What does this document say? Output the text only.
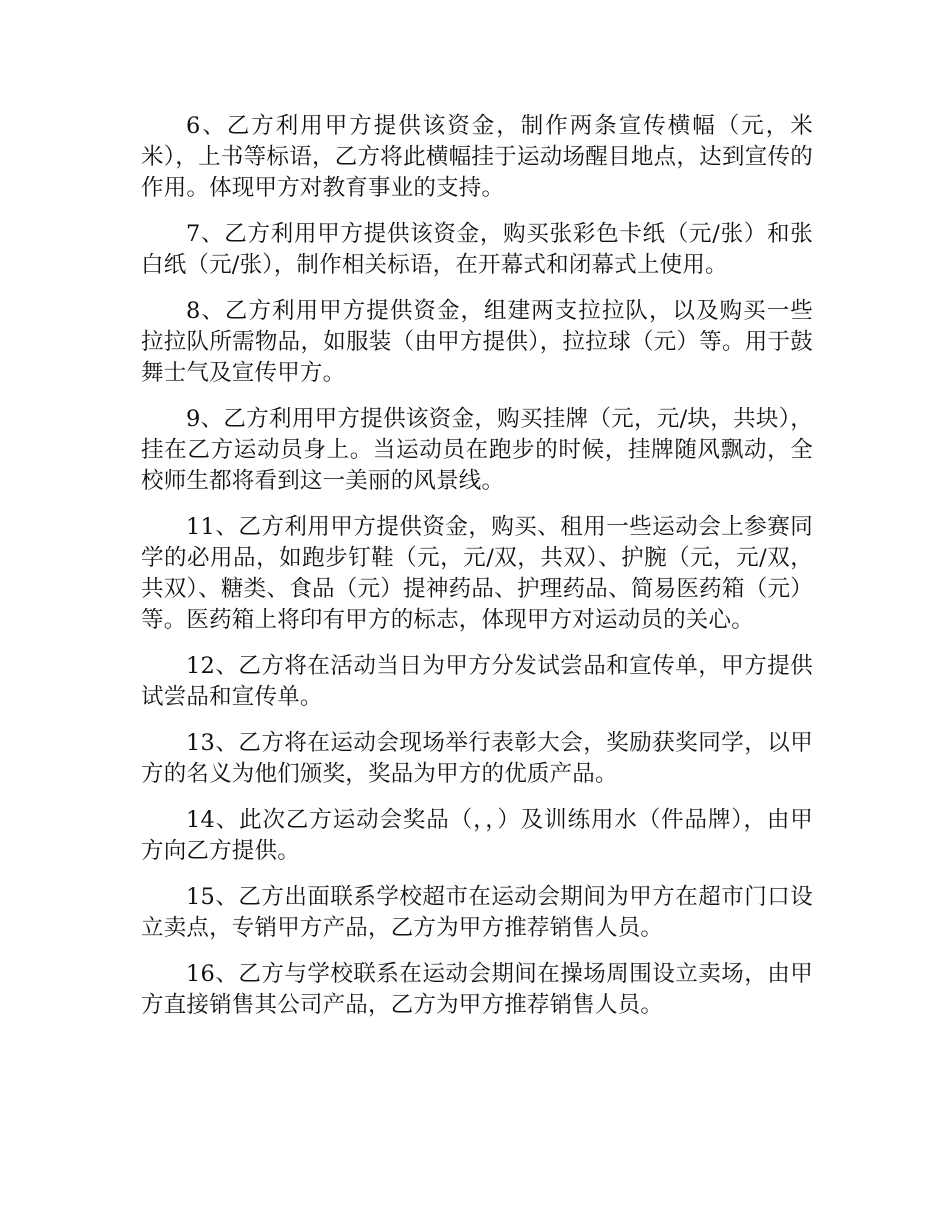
6、乙方利用甲方提供该资金，制作两条宣传横幅（元，米米），上书等标语，乙方将此横幅挂于运动场醒目地点，达到宣传的作用。体现甲方对教育事业的支持。

7、乙方利用甲方提供该资金，购买张彩色卡纸（元/张）和张白纸（元/张），制作相关标语，在开幕式和闭幕式上使用。

8、乙方利用甲方提供资金，组建两支拉拉队，以及购买一些拉拉队所需物品，如服装（由甲方提供），拉拉球（元）等。用于鼓舞士气及宣传甲方。

9、乙方利用甲方提供该资金，购买挂牌（元，元/块，共块），挂在乙方运动员身上。当运动员在跑步的时候，挂牌随风飘动，全校师生都将看到这一美丽的风景线。

11、乙方利用甲方提供资金，购买、租用一些运动会上参赛同学的必用品，如跑步钉鞋（元，元/双，共双）、护腕（元，元/双，共双）、糖类、食品（元）提神药品、护理药品、简易医药箱（元）等。医药箱上将印有甲方的标志，体现甲方对运动员的关心。

12、乙方将在活动当日为甲方分发试尝品和宣传单，甲方提供试尝品和宣传单。

13、乙方将在运动会现场举行表彰大会，奖励获奖同学，以甲方的名义为他们颁奖，奖品为甲方的优质产品。

14、此次乙方运动会奖品（，，）及训练用水（件品牌），由甲方向乙方提供。

15、乙方出面联系学校超市在运动会期间为甲方在超市门口设立卖点，专销甲方产品，乙方为甲方推荐销售人员。

16、乙方与学校联系在运动会期间在操场周围设立卖场，由甲方直接销售其公司产品，乙方为甲方推荐销售人员。
